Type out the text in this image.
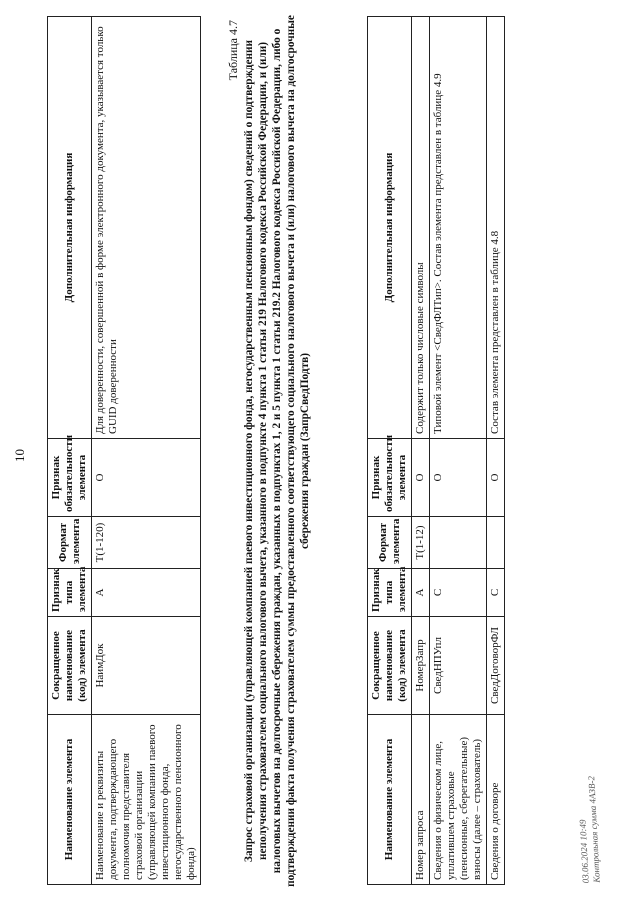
10
Наименование элемента	Сокращенное наименование (код) элемента	Признак типа элемента	Формат элемента	Признак обязательности элемента	Дополнительная информация
Наименование и реквизиты документа, подтверждающего полномочия представителя страховой организации (управляющей компании паевого инвестиционного фонда, негосударственного пенсионного фонда)	НаимДок	А	Т(1-120)	О	Для доверенности, совершенной в форме электронного документа, указывается только GUID доверенности
Таблица 4.7 Запрос страховой организации (управляющей компанией паевого инвестиционного фонда, негосударственным пенсионным фондом) сведений о подтверждении неполучения страхователем социального налогового вычета, указанного в подпункте 4 пункта 1 статьи 219 Налогового кодекса Российской Федерации, и (или) налоговых вычетов на долгосрочные сбережения граждан, указанных в подпунктах 1, 2 и 5 пункта 1 статьи 219.2 Налогового кодекса Российской Федерации, либо о подтверждении факта получения страхователем суммы предоставленного соответствующего социального налогового вычета и (или) налогового вычета на долгосрочные сбережения граждан (ЗапрСведПодтв)
Наименование элемента	Сокращенное наименование (код) элемента	Признак типа элемента	Формат элемента	Признак обязательности элемента	Дополнительная информация
Номер запроса	НомерЗапр	А	Т(1-12)	О	Содержит только числовые символы
Сведения о физическом лице, уплатившем страховые (пенсионные, сберегательные) взносы (далее – страхователь)	СведНПУпл	С		О	Типовой элемент <СведФЛТип>. Состав элемента представлен в таблице 4.9
Сведения о договоре	СведДоговорФЛ	С		О	Состав элемента представлен в таблице 4.8
03.06.2024 10:49
Контрольная сумма 4A3B-2
